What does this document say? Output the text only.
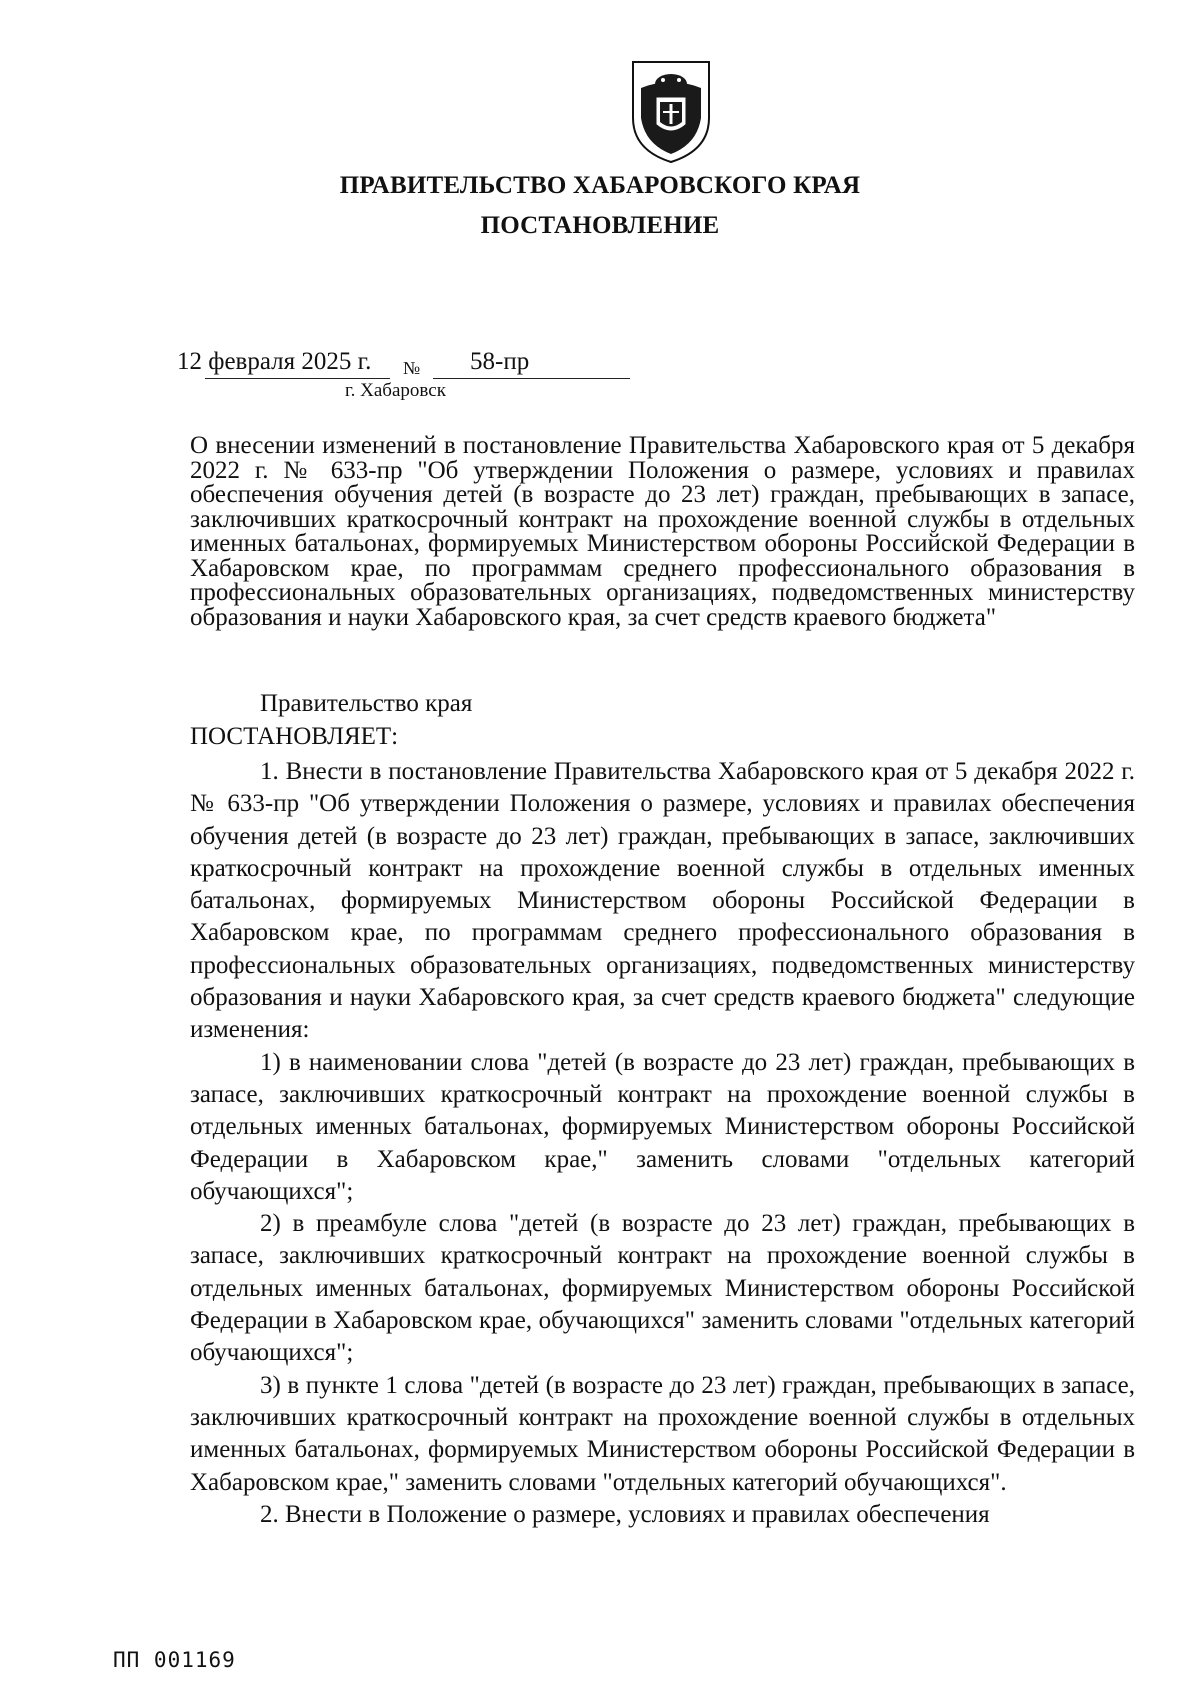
ПРАВИТЕЛЬСТВО ХАБАРОВСКОГО КРАЯ
ПОСТАНОВЛЕНИЕ
12 февраля 2025 г. № 58-пр
г. Хабаровск
О внесении изменений в постановление Правительства Хабаровского края от 5 декабря 2022 г. № 633-пр "Об утверждении Положения о размере, условиях и правилах обеспечения обучения детей (в возрасте до 23 лет) граждан, пребывающих в запасе, заключивших краткосрочный контракт на прохождение военной службы в отдельных именных батальонах, формируемых Министерством обороны Российской Федерации в Хабаровском крае, по программам среднего профессионального образования в профессиональных образовательных организациях, подведомственных министерству образования и науки Хабаровского края, за счет средств краевого бюджета"
Правительство края
ПОСТАНОВЛЯЕТ:

1. Внести в постановление Правительства Хабаровского края от 5 декабря 2022 г. № 633-пр "Об утверждении Положения о размере, условиях и правилах обеспечения обучения детей (в возрасте до 23 лет) граждан, пребывающих в запасе, заключивших краткосрочный контракт на прохождение военной службы в отдельных именных батальонах, формируемых Министерством обороны Российской Федерации в Хабаровском крае, по программам среднего профессионального образования в профессиональных образовательных организациях, подведомственных министерству образования и науки Хабаровского края, за счет средств краевого бюджета" следующие изменения:

1) в наименовании слова "детей (в возрасте до 23 лет) граждан, пребывающих в запасе, заключивших краткосрочный контракт на прохождение военной службы в отдельных именных батальонах, формируемых Министерством обороны Российской Федерации в Хабаровском крае," заменить словами "отдельных категорий обучающихся";

2) в преамбуле слова "детей (в возрасте до 23 лет) граждан, пребывающих в запасе, заключивших краткосрочный контракт на прохождение военной службы в отдельных именных батальонах, формируемых Министерством обороны Российской Федерации в Хабаровском крае, обучающихся" заменить словами "отдельных категорий обучающихся";

3) в пункте 1 слова "детей (в возрасте до 23 лет) граждан, пребывающих в запасе, заключивших краткосрочный контракт на прохождение военной службы в отдельных именных батальонах, формируемых Министерством обороны Российской Федерации в Хабаровском крае," заменить словами "отдельных категорий обучающихся".

2. Внести в Положение о размере, условиях и правилах обеспечения

ПП 001169
